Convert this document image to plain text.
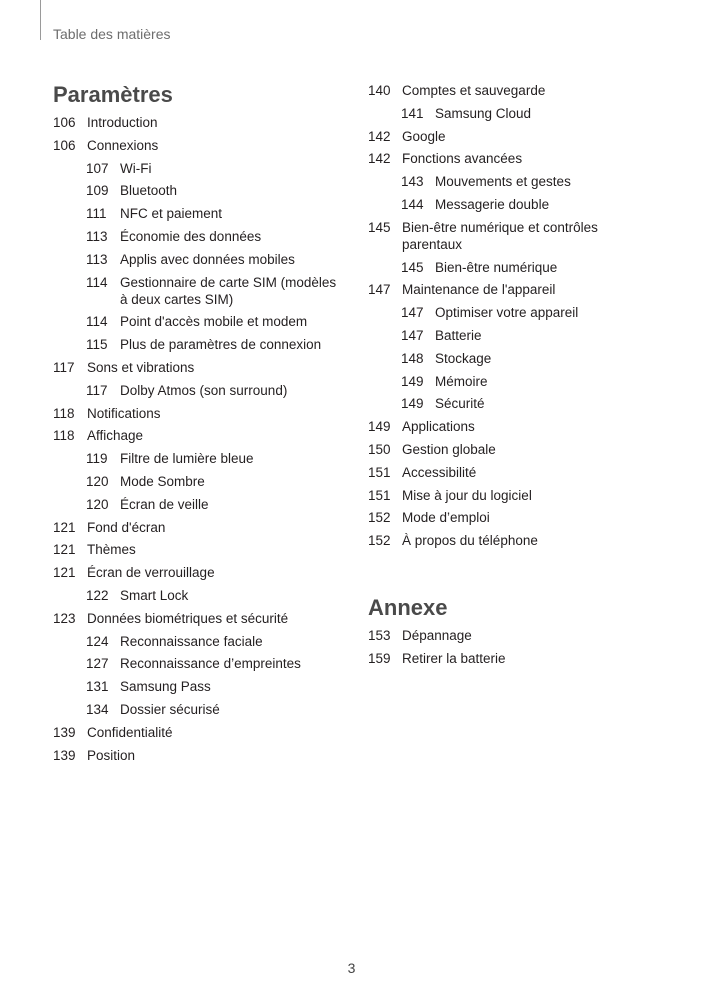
Table des matières
Paramètres
106 Introduction
106 Connexions
107 Wi-Fi
109 Bluetooth
111 NFC et paiement
113 Économie des données
113 Applis avec données mobiles
114 Gestionnaire de carte SIM (modèles à deux cartes SIM)
114 Point d'accès mobile et modem
115 Plus de paramètres de connexion
117 Sons et vibrations
117 Dolby Atmos (son surround)
118 Notifications
118 Affichage
119 Filtre de lumière bleue
120 Mode Sombre
120 Écran de veille
121 Fond d'écran
121 Thèmes
121 Écran de verrouillage
122 Smart Lock
123 Données biométriques et sécurité
124 Reconnaissance faciale
127 Reconnaissance d’empreintes
131 Samsung Pass
134 Dossier sécurisé
139 Confidentialité
139 Position
140 Comptes et sauvegarde
141 Samsung Cloud
142 Google
142 Fonctions avancées
143 Mouvements et gestes
144 Messagerie double
145 Bien-être numérique et contrôles parentaux
145 Bien-être numérique
147 Maintenance de l'appareil
147 Optimiser votre appareil
147 Batterie
148 Stockage
149 Mémoire
149 Sécurité
149 Applications
150 Gestion globale
151 Accessibilité
151 Mise à jour du logiciel
152 Mode d’emploi
152 À propos du téléphone
Annexe
153 Dépannage
159 Retirer la batterie
3
